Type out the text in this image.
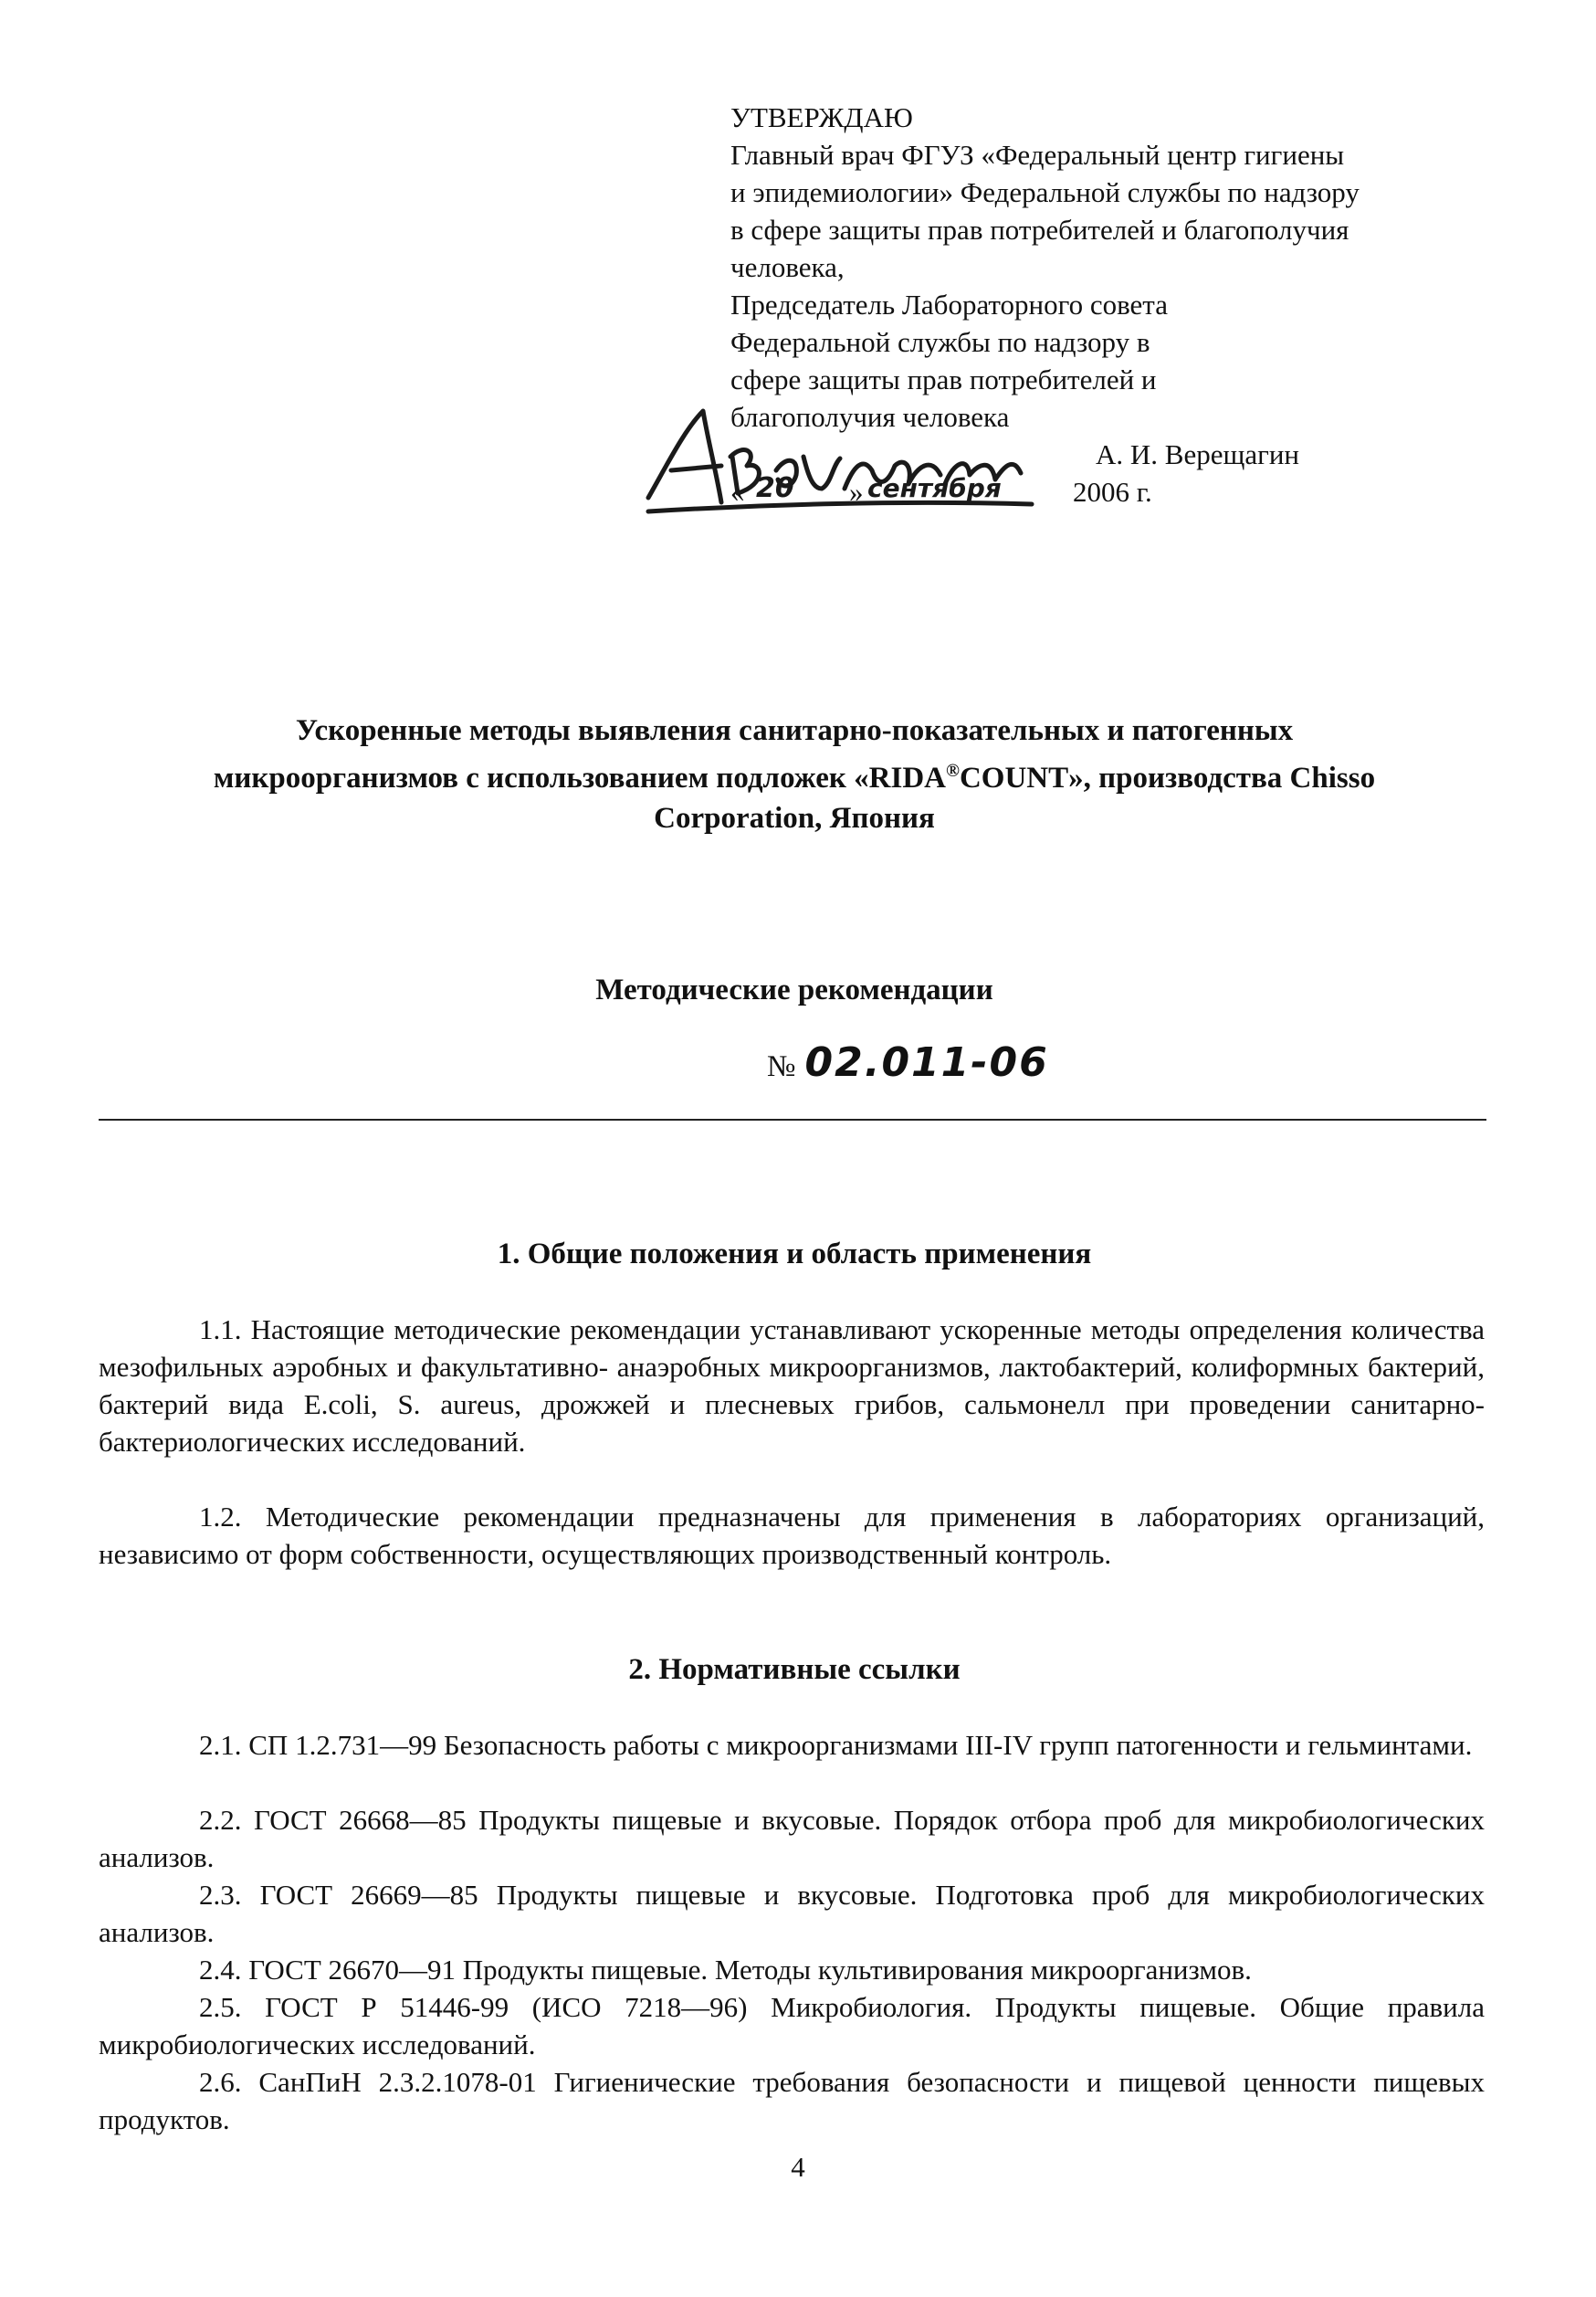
УТВЕРЖДАЮ
Главный врач ФГУЗ «Федеральный центр гигиены
и эпидемиологии» Федеральной службы по надзору
в сфере защиты прав потребителей и благополучия
человека,
Председатель Лабораторного совета
Федеральной службы по надзору в
сфере защиты прав потребителей и
благополучия человека
А. И. Верещагин
« 20 » сентября	2006 г.
Ускоренные методы выявления санитарно-показательных и патогенных
микроорганизмов с использованием подложек «RIDA®COUNT», производства Chisso
Corporation, Япония
Методические рекомендации
№ 02.011-06
1. Общие положения и область применения
1.1. Настоящие методические рекомендации устанавливают ускоренные методы определения количества мезофильных аэробных и факультативно- анаэробных микроорганизмов, лактобактерий, колиформных бактерий, бактерий вида E.coli, S. aureus, дрожжей и плесневых грибов, сальмонелл при проведении санитарно-бактериологических исследований.
1.2. Методические рекомендации предназначены для применения в лабораториях организаций, независимо от форм собственности, осуществляющих производственный контроль.
2. Нормативные ссылки
2.1. СП 1.2.731—99 Безопасность работы с микроорганизмами III-IV групп патогенности и гельминтами.
2.2. ГОСТ 26668—85 Продукты пищевые и вкусовые. Порядок отбора проб для микробиологических анализов.
2.3. ГОСТ 26669—85 Продукты пищевые и вкусовые. Подготовка проб для микробиологических анализов.
2.4. ГОСТ 26670—91 Продукты пищевые. Методы культивирования микроорганизмов.
2.5. ГОСТ Р 51446-99 (ИСО 7218—96) Микробиология. Продукты пищевые. Общие правила микробиологических исследований.
2.6. СанПиН 2.3.2.1078-01 Гигиенические требования безопасности и пищевой ценности пищевых продуктов.
4
